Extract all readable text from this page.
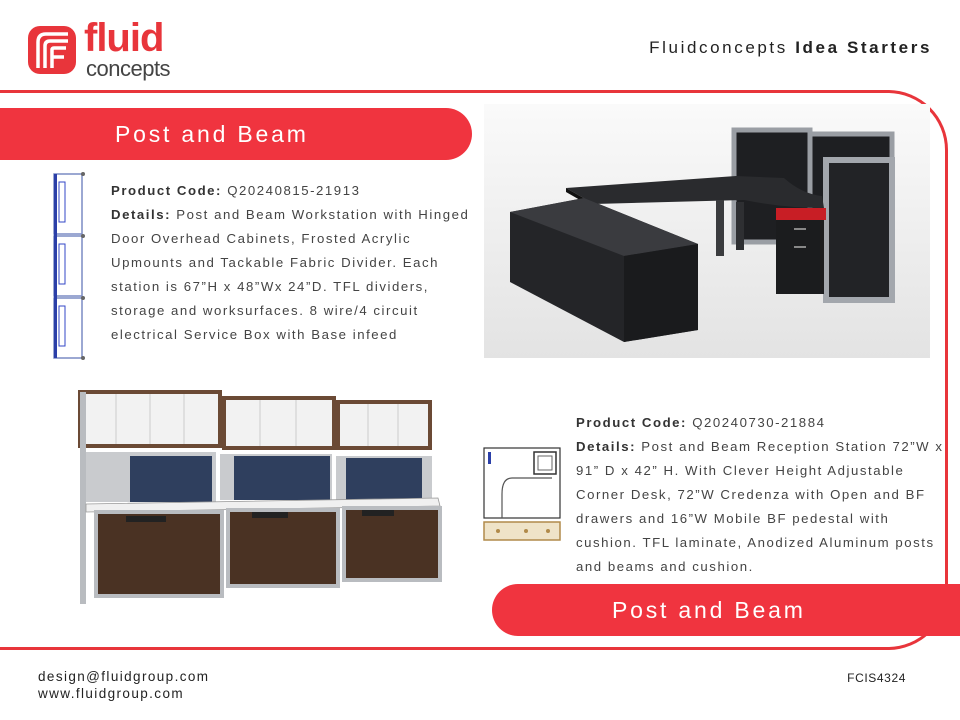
fluid
concepts
Fluidconcepts Idea Starters
Post and Beam
Product Code: Q20240815-21913
Details: Post and Beam Workstation with Hinged Door Overhead Cabinets, Frosted Acrylic Upmounts and Tackable Fabric Divider. Each station is 67”H x 48”Wx 24”D. TFL dividers, storage and worksurfaces. 8 wire/4 circuit electrical Service Box with Base infeed
Product Code: Q20240730-21884
Details: Post and Beam Reception Station 72”W x 91” D x 42” H. With Clever Height Adjustable Corner Desk, 72”W Credenza with Open and BF drawers and 16”W Mobile BF pedestal with cushion. TFL laminate, Anodized Aluminum posts and beams and cushion.
Post and Beam
design@fluidgroup.com
www.fluidgroup.com
FCIS4324
